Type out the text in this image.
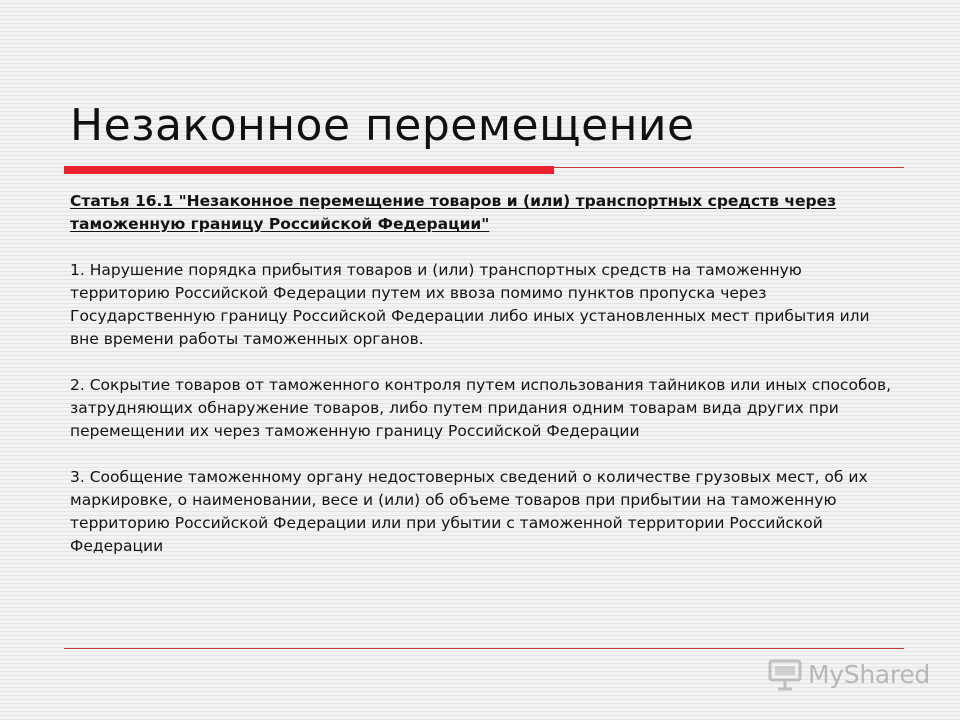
Незаконное перемещение

Статья 16.1 "Незаконное перемещение товаров и (или) транспортных средств через таможенную границу Российской Федерации"

1. Нарушение порядка прибытия товаров и (или) транспортных средств на таможенную территорию Российской Федерации путем их ввоза помимо пунктов пропуска через Государственную границу Российской Федерации либо иных установленных мест прибытия или вне времени работы таможенных органов.

2. Сокрытие товаров от таможенного контроля путем использования тайников или иных способов, затрудняющих обнаружение товаров, либо путем придания одним товарам вида других при перемещении их через таможенную границу Российской Федерации

3. Сообщение таможенному органу недостоверных сведений о количестве грузовых мест, об их маркировке, о наименовании, весе и (или) об объеме товаров при прибытии на таможенную территорию Российской Федерации или при убытии с таможенной территории Российской Федерации

MyShared
